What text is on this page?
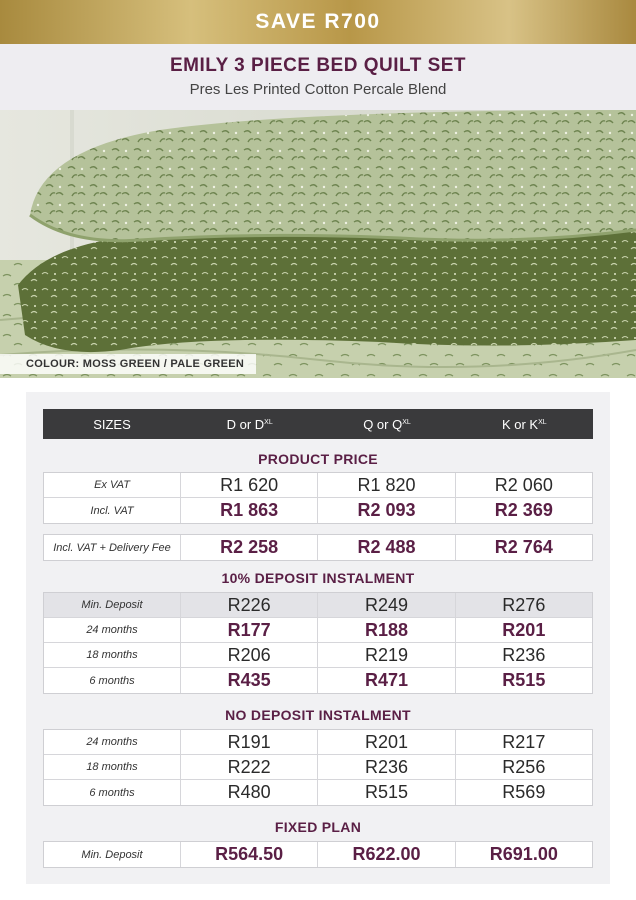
SAVE R700
EMILY 3 PIECE BED QUILT SET
Pres Les Printed Cotton Percale Blend
COLOUR: MOSS GREEN / PALE GREEN
SIZES	D or $D^{XL}$	Q or $Q^{XL}$	K or $K^{XL}$
PRODUCT PRICE
Ex VAT	R1 620	R1 820	R2 060
Incl. VAT	R1 863	R2 093	R2 369
Incl. VAT + Delivery Fee	R2 258	R2 488	R2 764
10% DEPOSIT INSTALMENT
Min. Deposit	R226	R249	R276
24 months	R177	R188	R201
18 months	R206	R219	R236
6 months	R435	R471	R515
NO DEPOSIT INSTALMENT
24 months	R191	R201	R217
18 months	R222	R236	R256
6 months	R480	R515	R569
FIXED PLAN
Min. Deposit	R564.50	R622.00	R691.00
